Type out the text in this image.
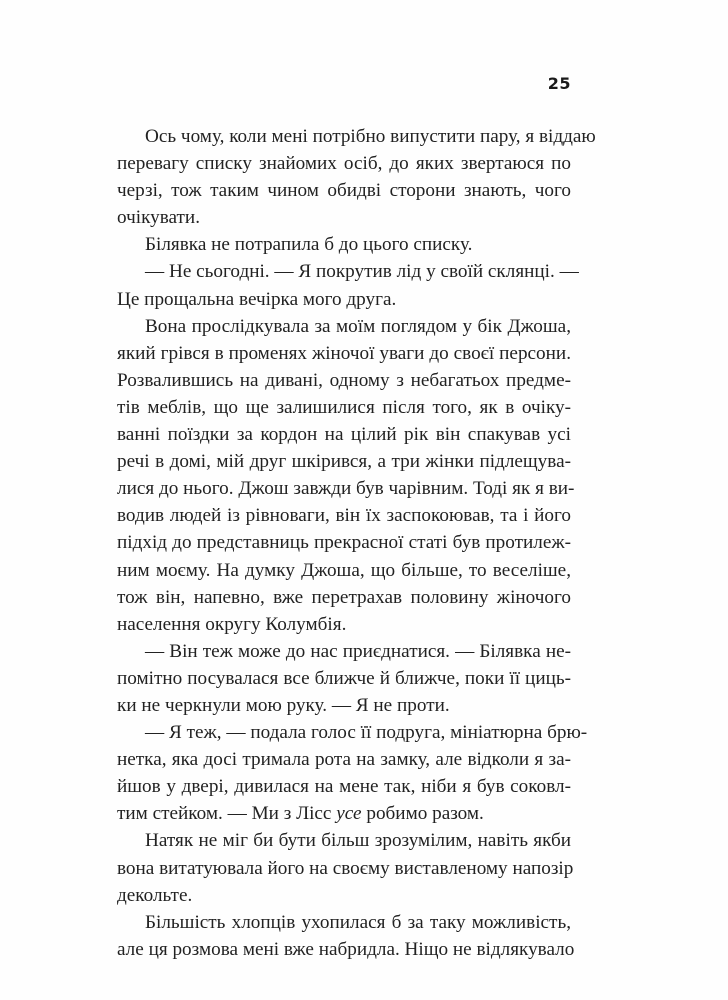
25

Ось чому, коли мені потрібно випустити пару, я віддаю
перевагу списку знайомих осіб, до яких звертаюся по
черзі, тож таким чином обидві сторони знають, чого
очікувати.

Білявка не потрапила б до цього списку.

— Не сьогодні. — Я покрутив лід у своїй склянці. —
Це прощальна вечірка мого друга.

Вона прослідкувала за моїм поглядом у бік Джоша,
який грівся в променях жіночої уваги до своєї персони.
Розвалившись на дивані, одному з небагатьох предме-
тів меблів, що ще залишилися після того, як в очіку-
ванні поїздки за кордон на цілий рік він спакував усі
речі в домі, мій друг шкірився, а три жінки підлещува-
лися до нього. Джош завжди був чарівним. Тоді як я ви-
водив людей із рівноваги, він їх заспокоював, та і його
підхід до представниць прекрасної статі був протилеж-
ним моєму. На думку Джоша, що більше, то веселіше,
тож він, напевно, вже перетрахав половину жіночого
населення округу Колумбія.

— Він теж може до нас приєднатися. — Білявка не-
помітно посувалася все ближче й ближче, поки її циць-
ки не черкнули мою руку. — Я не проти.

— Я теж, — подала голос її подруга, мініатюрна брю-
нетка, яка досі тримала рота на замку, але відколи я за-
йшов у двері, дивилася на мене так, ніби я був соковл-
тим стейком. — Ми з Лісс усе робимо разом.

Натяк не міг би бути більш зрозумілим, навіть якби
вона витатуювала його на своєму виставленому напозір
декольте.

Більшість хлопців ухопилася б за таку можливість,
але ця розмова мені вже набридла. Ніщо не відлякувало
